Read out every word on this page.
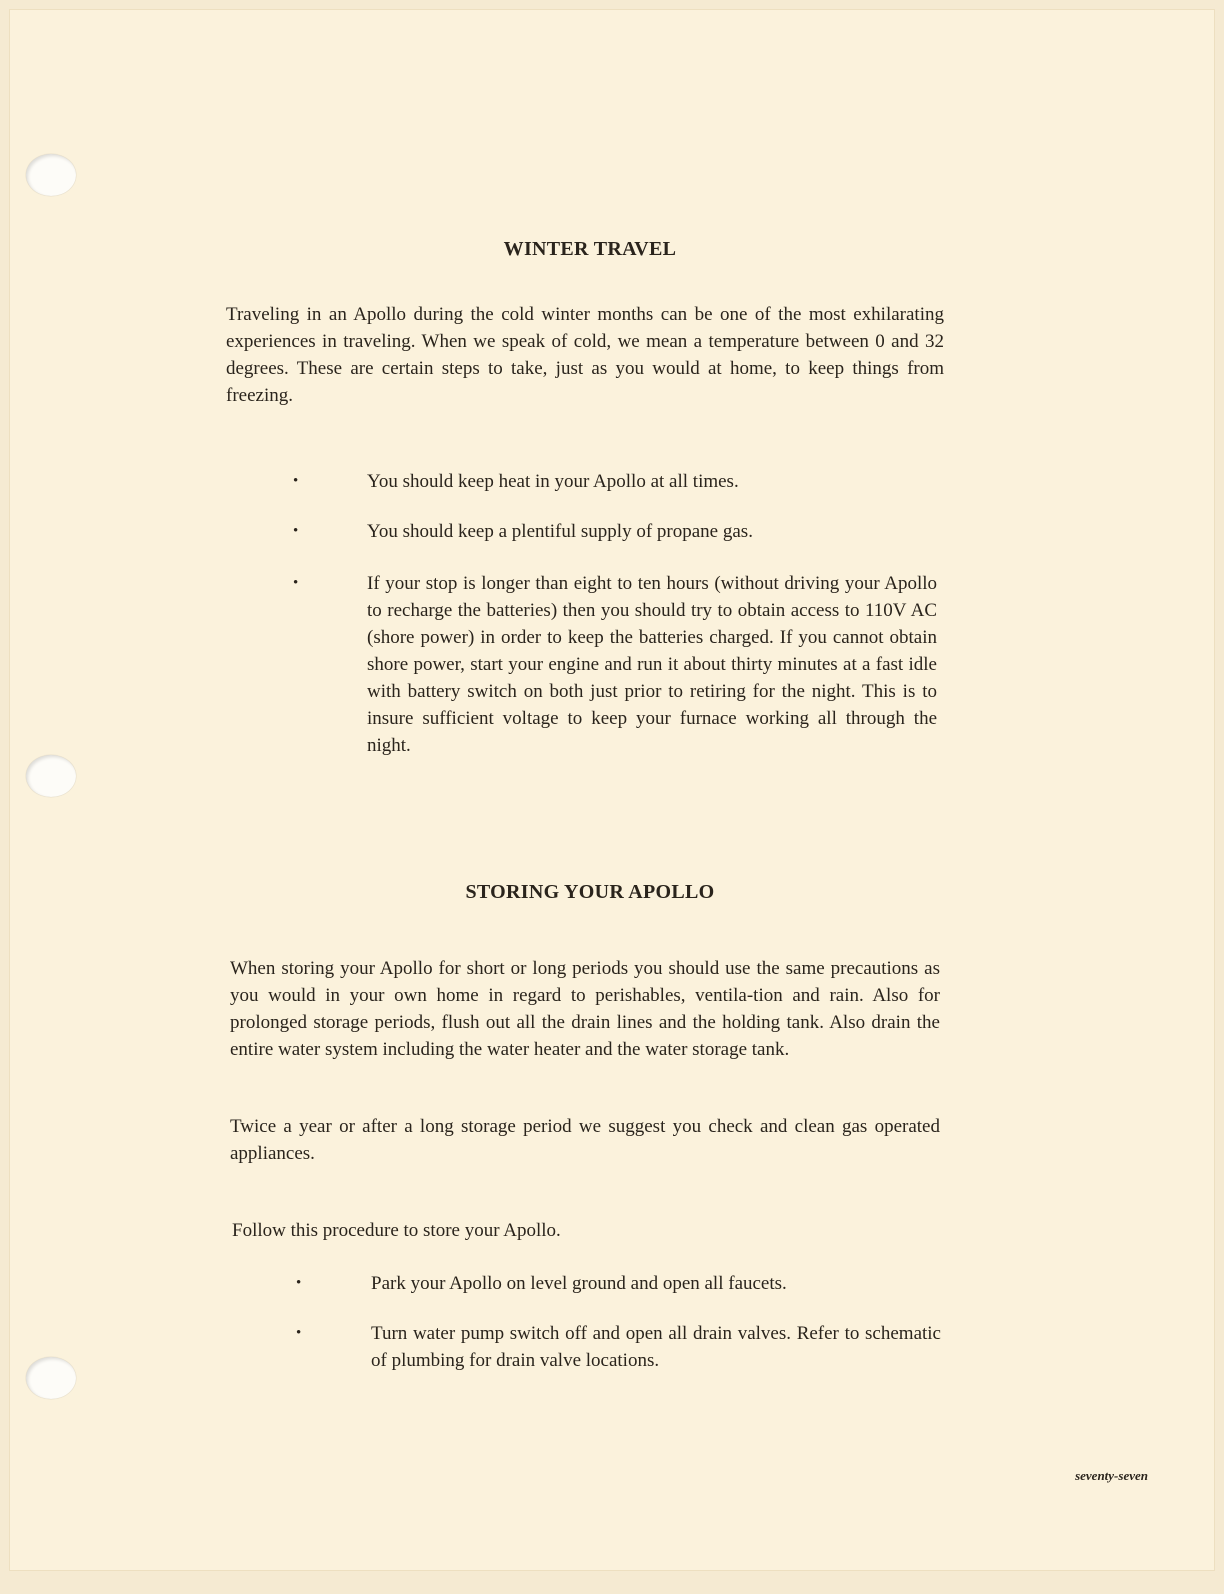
WINTER TRAVEL

Traveling in an Apollo during the cold winter months can be one of the most exhilarating experiences in traveling. When we speak of cold, we mean a temperature between 0 and 32 degrees. These are certain steps to take, just as you would at home, to keep things from freezing.

•	You should keep heat in your Apollo at all times.

•	You should keep a plentiful supply of propane gas.

•	If your stop is longer than eight to ten hours (without driving your Apollo to recharge the batteries) then you should try to obtain access to 110V AC (shore power) in order to keep the batteries charged. If you cannot obtain shore power, start your engine and run it about thirty minutes at a fast idle with battery switch on both just prior to retiring for the night. This is to insure sufficient voltage to keep your furnace working all through the night.

STORING YOUR APOLLO

When storing your Apollo for short or long periods you should use the same precautions as you would in your own home in regard to perishables, ventila-tion and rain. Also for prolonged storage periods, flush out all the drain lines and the holding tank. Also drain the entire water system including the water heater and the water storage tank.

Twice a year or after a long storage period we suggest you check and clean gas operated appliances.

Follow this procedure to store your Apollo.

•	Park your Apollo on level ground and open all faucets.

•	Turn water pump switch off and open all drain valves. Refer to schematic of plumbing for drain valve locations.

seventy-seven
